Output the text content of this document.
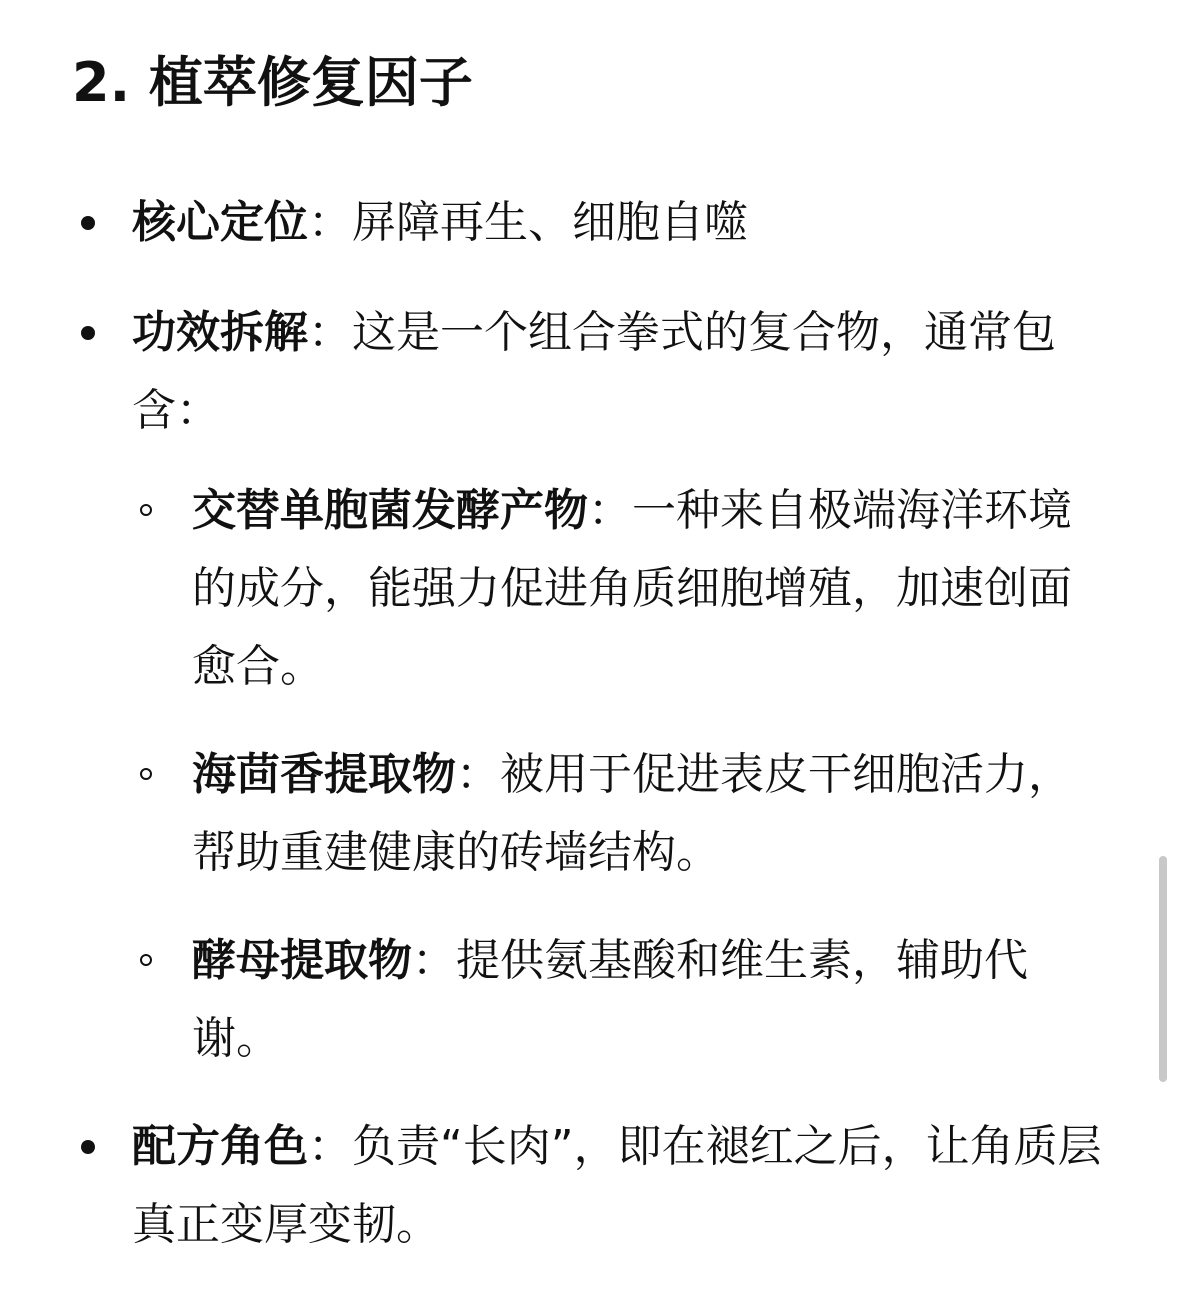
2. 植萃修复因子
核心定位：屏障再生、细胞自噬
功效拆解：这是一个组合拳式的复合物，通常包含：
交替单胞菌发酵产物：一种来自极端海洋环境的成分，能强力促进角质细胞增殖，加速创面愈合。
海茴香提取物：被用于促进表皮干细胞活力，帮助重建健康的砖墙结构。
酵母提取物：提供氨基酸和维生素，辅助代谢。
配方角色：负责“长肉”，即在褪红之后，让角质层真正变厚变韧。
